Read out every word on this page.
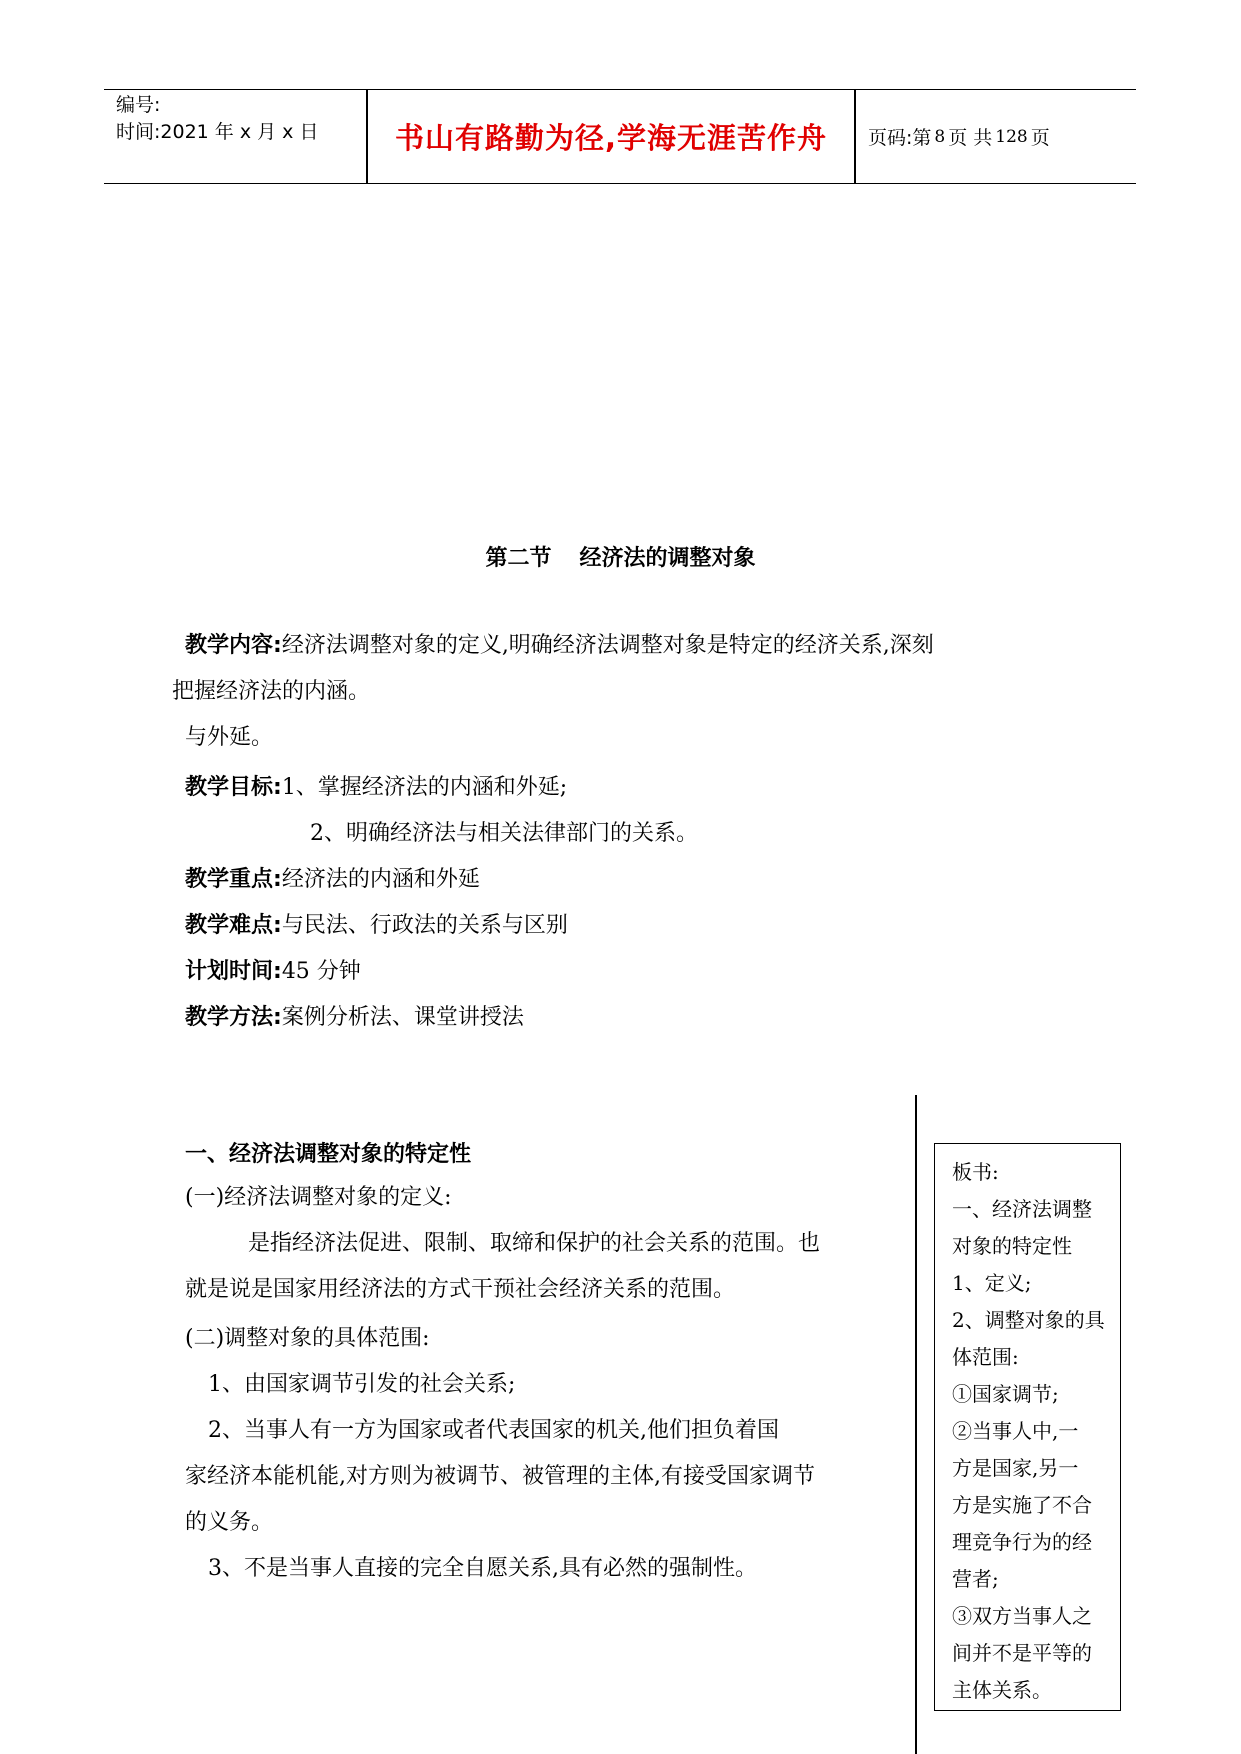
编号:
时间:2021 年 x 月 x 日	书山有路勤为径,学海无涯苦作舟	页码:第 8 页 共 128 页
第二节 经济法的调整对象
教学内容:经济法调整对象的定义,明确经济法调整对象是特定的经济关系,深刻
把握经济法的内涵。
与外延。
教学目标:1、掌握经济法的内涵和外延;
2、明确经济法与相关法律部门的关系。
教学重点:经济法的内涵和外延
教学难点:与民法、行政法的关系与区别
计划时间:45 分钟
教学方法:案例分析法、课堂讲授法
一、经济法调整对象的特定性
(一)经济法调整对象的定义:
是指经济法促进、限制、取缔和保护的社会关系的范围。也
就是说是国家用经济法的方式干预社会经济关系的范围。
(二)调整对象的具体范围:
1、由国家调节引发的社会关系;
2、当事人有一方为国家或者代表国家的机关,他们担负着国
家经济本能机能,对方则为被调节、被管理的主体,有接受国家调节
的义务。
3、不是当事人直接的完全自愿关系,具有必然的强制性。
板书:
一、经济法调整
对象的特定性
1、定义;
2、调整对象的具
体范围:
①国家调节;
②当事人中,一
方是国家,另一
方是实施了不合
理竞争行为的经
营者;
③双方当事人之
间并不是平等的
主体关系。
